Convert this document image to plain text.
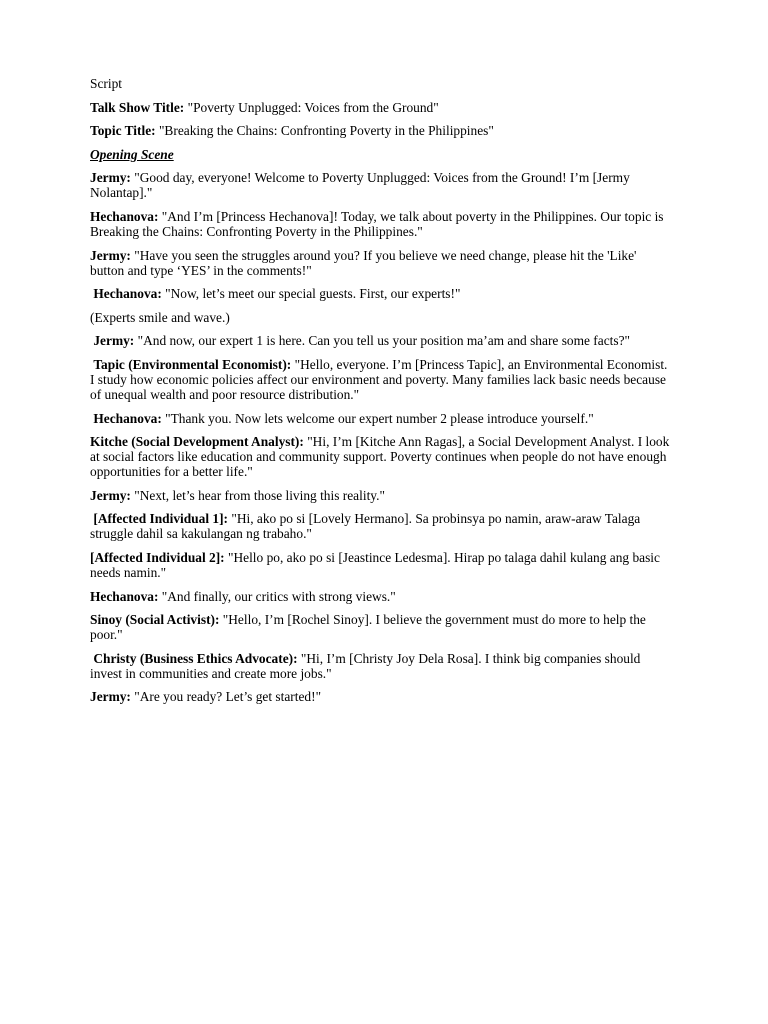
Script

Talk Show Title: "Poverty Unplugged: Voices from the Ground"

Topic Title: "Breaking the Chains: Confronting Poverty in the Philippines"

Opening Scene

Jermy: "Good day, everyone! Welcome to Poverty Unplugged: Voices from the Ground! I’m [Jermy Nolantap]."

Hechanova: "And I’m [Princess Hechanova]! Today, we talk about poverty in the Philippines. Our topic is Breaking the Chains: Confronting Poverty in the Philippines."

Jermy: "Have you seen the struggles around you? If you believe we need change, please hit the 'Like' button and type ‘YES’ in the comments!"

Hechanova: "Now, let’s meet our special guests. First, our experts!"

(Experts smile and wave.)

Jermy: "And now, our expert 1 is here. Can you tell us your position ma’am and share some facts?"

Tapic (Environmental Economist): "Hello, everyone. I’m [Princess Tapic], an Environmental Economist. I study how economic policies affect our environment and poverty. Many families lack basic needs because of unequal wealth and poor resource distribution."

Hechanova: "Thank you. Now lets welcome our expert number 2 please introduce yourself."

Kitche (Social Development Analyst): "Hi, I’m [Kitche Ann Ragas], a Social Development Analyst. I look at social factors like education and community support. Poverty continues when people do not have enough opportunities for a better life."

Jermy: "Next, let’s hear from those living this reality."

[Affected Individual 1]: "Hi, ako po si [Lovely Hermano]. Sa probinsya po namin, araw-araw Talaga struggle dahil sa kakulangan ng trabaho."

[Affected Individual 2]: "Hello po, ako po si [Jeastince Ledesma]. Hirap po talaga dahil kulang ang basic needs namin."

Hechanova: "And finally, our critics with strong views."

Sinoy (Social Activist): "Hello, I’m [Rochel Sinoy]. I believe the government must do more to help the poor."

Christy (Business Ethics Advocate): "Hi, I’m [Christy Joy Dela Rosa]. I think big companies should invest in communities and create more jobs."

Jermy: "Are you ready? Let’s get started!"
